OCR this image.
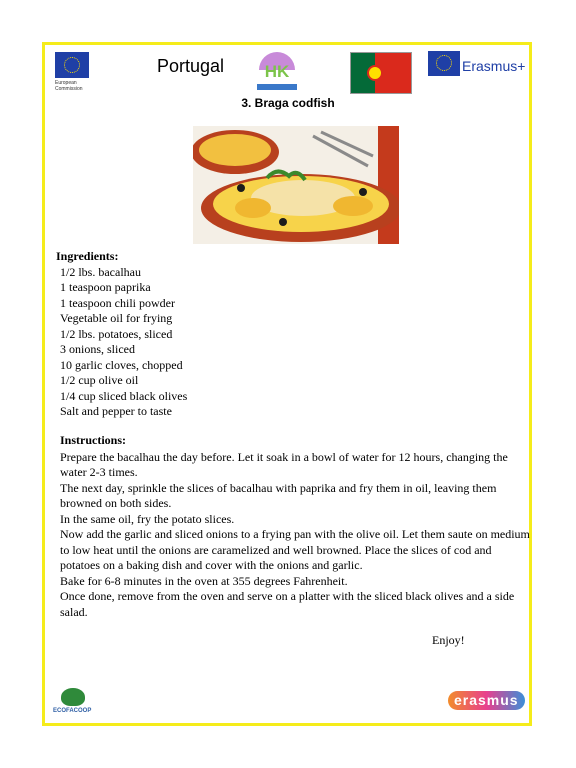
European
Commission
Portugal HK	Erasmus+
3. Braga codfish
Ingredients:
1/2 lbs. bacalhau
1 teaspoon paprika
1 teaspoon chili powder
Vegetable oil for frying
1/2 lbs. potatoes, sliced
3 onions, sliced
10 garlic cloves, chopped
1/2 cup olive oil
1/4 cup sliced black olives
Salt and pepper to taste
Instructions:

Prepare the bacalhau the day before. Let it soak in a bowl of water for 12 hours, changing the water 2-3 times.

The next day, sprinkle the slices of bacalhau with paprika and fry them in oil, leaving them browned on both sides.

In the same oil, fry the potato slices.

Now add the garlic and sliced onions to a frying pan with the olive oil. Let them saute on medium to low heat until the onions are caramelized and well browned. Place the slices of cod and potatoes on a baking dish and cover with the onions and garlic.

Bake for 6-8 minutes in the oven at 355 degrees Fahrenheit.

Once done, remove from the oven and serve on a platter with the sliced black olives and a side salad.

Enjoy!
ECOFACOOP
erasmus
